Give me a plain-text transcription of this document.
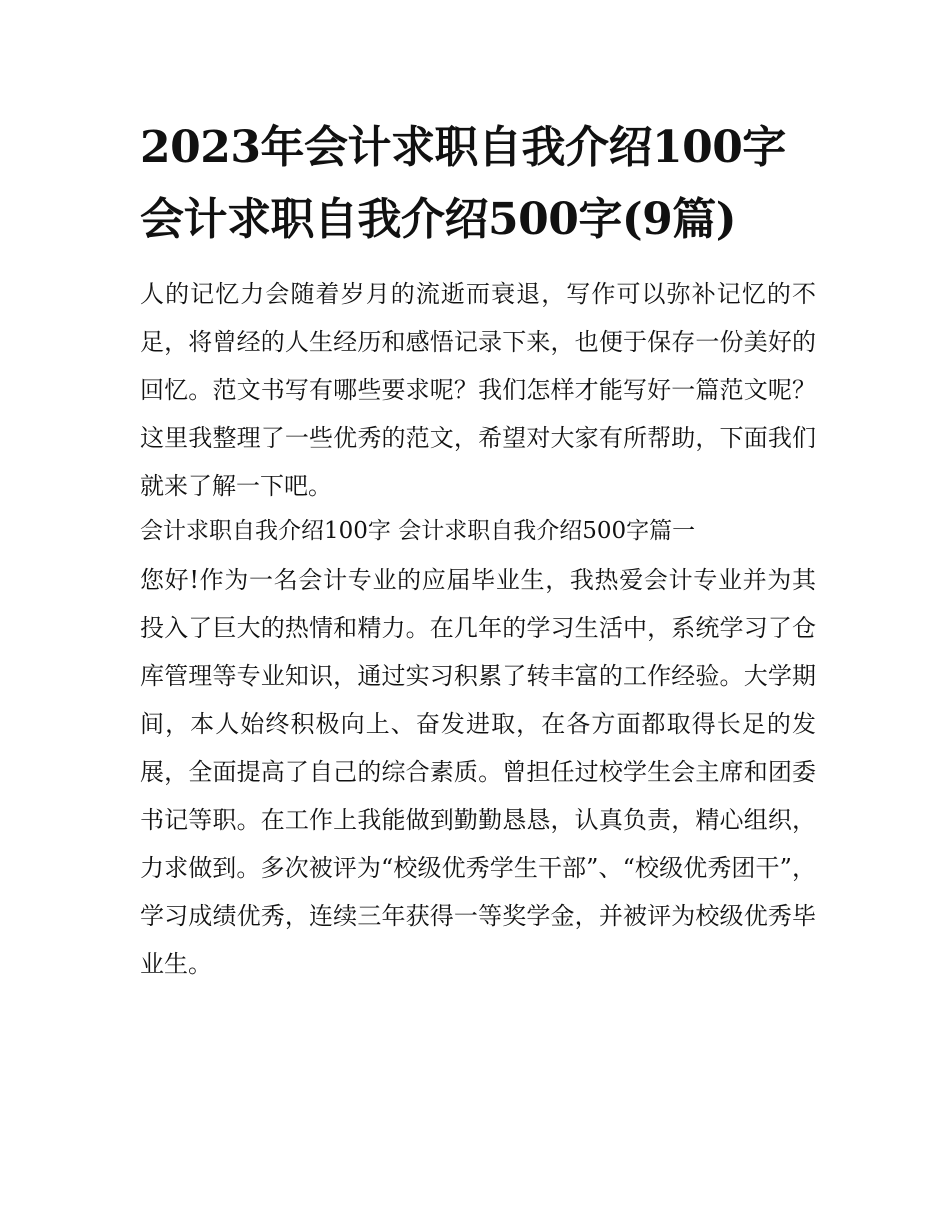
2023年会计求职自我介绍100字 会计求职自我介绍500字(9篇)

人的记忆力会随着岁月的流逝而衰退，写作可以弥补记忆的不足，将曾经的人生经历和感悟记录下来，也便于保存一份美好的回忆。范文书写有哪些要求呢？我们怎样才能写好一篇范文呢？这里我整理了一些优秀的范文，希望对大家有所帮助，下面我们就来了解一下吧。

会计求职自我介绍100字 会计求职自我介绍500字篇一

您好!作为一名会计专业的应届毕业生，我热爱会计专业并为其投入了巨大的热情和精力。在几年的学习生活中，系统学习了仓库管理等专业知识，通过实习积累了转丰富的工作经验。大学期间，本人始终积极向上、奋发进取，在各方面都取得长足的发展，全面提高了自己的综合素质。曾担任过校学生会主席和团委书记等职。在工作上我能做到勤勤恳恳，认真负责，精心组织，力求做到。多次被评为“校级优秀学生干部”、“校级优秀团干”，学习成绩优秀，连续三年获得一等奖学金，并被评为校级优秀毕业生。
